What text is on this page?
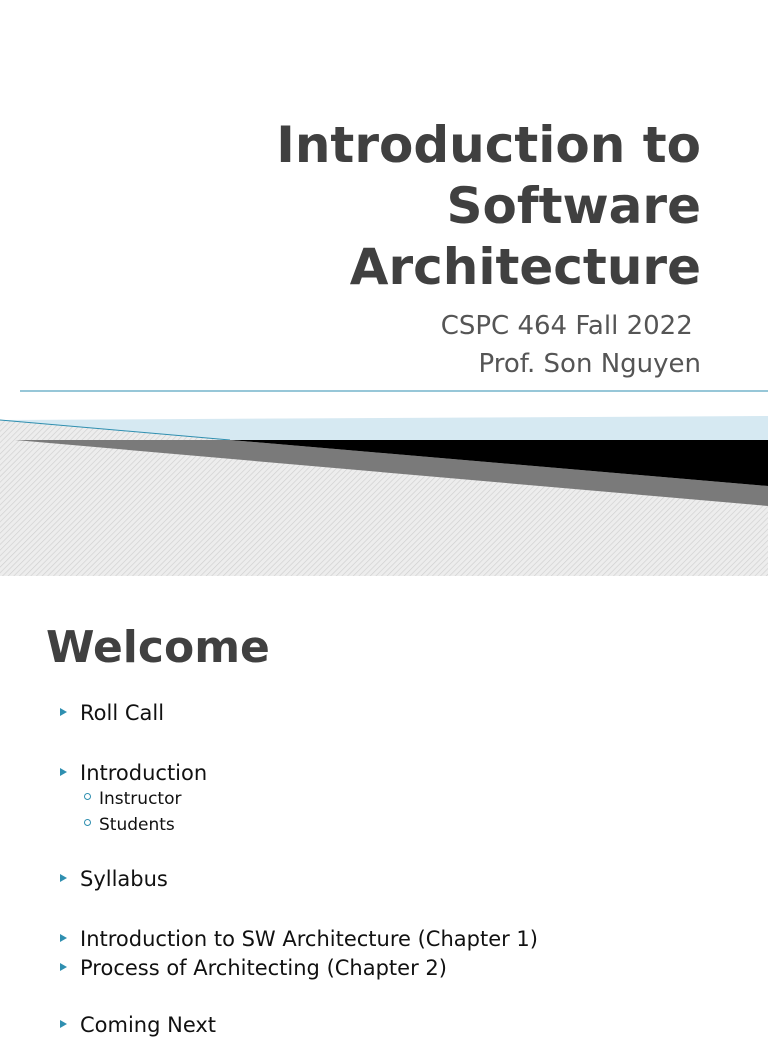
Introduction to
Software
Architecture
CSPC 464 Fall 2022
Prof. Son Nguyen
Welcome
Roll Call
Introduction
Instructor
Students
Syllabus
Introduction to SW Architecture (Chapter 1)
Process of Architecting (Chapter 2)
Coming Next
